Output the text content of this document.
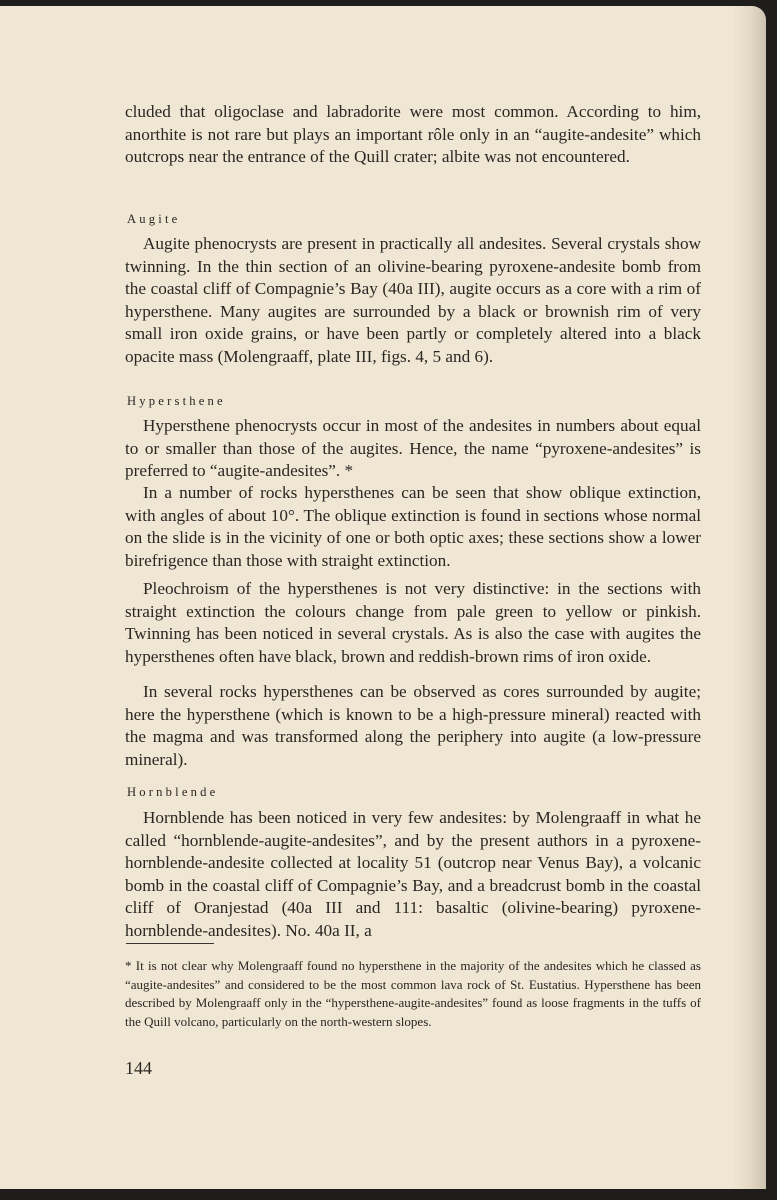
cluded that oligoclase and labradorite were most common. According to him, anorthite is not rare but plays an important rôle only in an “augite-andesite” which outcrops near the entrance of the Quill crater; albite was not encountered.

Augite

Augite phenocrysts are present in practically all andesites. Several crystals show twinning. In the thin section of an olivine-bearing pyroxene-andesite bomb from the coastal cliff of Compagnie’s Bay (40a III), augite occurs as a core with a rim of hypersthene. Many augites are surrounded by a black or brownish rim of very small iron oxide grains, or have been partly or completely altered into a black opacite mass (Molengraaff, plate III, figs. 4, 5 and 6).

Hypersthene

Hypersthene phenocrysts occur in most of the andesites in numbers about equal to or smaller than those of the augites. Hence, the name “pyroxene-andesites” is preferred to “augite-andesites”. *

In a number of rocks hypersthenes can be seen that show oblique extinction, with angles of about 10°. The oblique extinction is found in sections whose normal on the slide is in the vicinity of one or both optic axes; these sections show a lower birefrigence than those with straight extinction.

Pleochroism of the hypersthenes is not very distinctive: in the sections with straight extinction the colours change from pale green to yellow or pinkish. Twinning has been noticed in several crystals. As is also the case with augites the hypersthenes often have black, brown and reddish-brown rims of iron oxide.

In several rocks hypersthenes can be observed as cores surrounded by augite; here the hypersthene (which is known to be a high-pressure mineral) reacted with the magma and was transformed along the periphery into augite (a low-pressure mineral).

Hornblende

Hornblende has been noticed in very few andesites: by Molengraaff in what he called “hornblende-augite-andesites”, and by the present authors in a pyroxene-hornblende-andesite collected at locality 51 (outcrop near Venus Bay), a volcanic bomb in the coastal cliff of Compagnie’s Bay, and a breadcrust bomb in the coastal cliff of Oranjestad (40a III and 111: basaltic (olivine-bearing) pyroxene-hornblende-andesites). No. 40a II, a

* It is not clear why Molengraaff found no hypersthene in the majority of the andesites which he classed as “augite-andesites” and considered to be the most common lava rock of St. Eustatius. Hypersthene has been described by Molengraaff only in the “hypersthene-augite-andesites” found as loose fragments in the tuffs of the Quill volcano, particularly on the north-western slopes.

144
